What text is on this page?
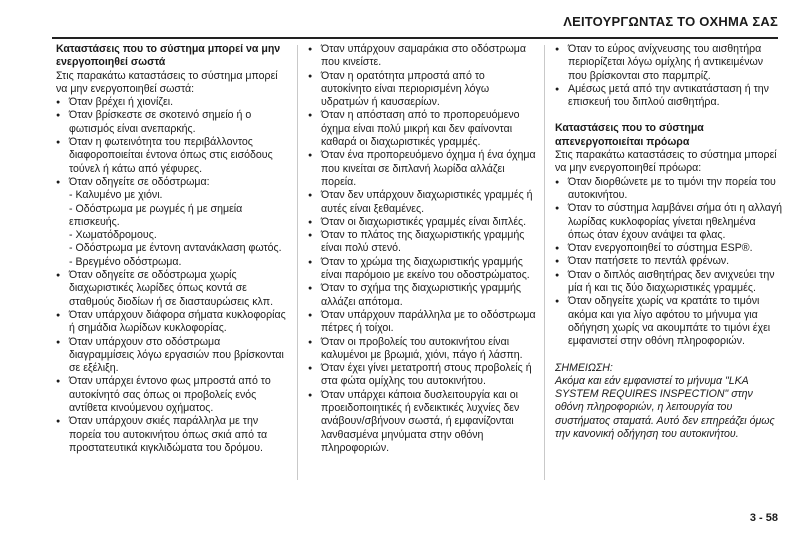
ΛΕΙΤΟΥΡΓΩΝΤΑΣ ΤΟ ΟΧΗΜΑ ΣΑΣ

Καταστάσεις που το σύστημα μπορεί να μην ενεργοποιηθεί σωστά

Στις παρακάτω καταστάσεις το σύστημα μπορεί να μην ενεργοποιηθεί σωστά:

● Όταν βρέχει ή χιονίζει.
● Όταν βρίσκεστε σε σκοτεινό σημείο ή ο φωτισμός είναι ανεπαρκής.
● Όταν η φωτεινότητα του περιβάλλοντος διαφοροποιείται έντονα όπως στις εισόδους τούνελ ή κάτω από γέφυρες.
● Όταν οδηγείτε σε οδόστρωμα:
- Καλυμένο με χιόνι.
- Οδόστρωμα με ρωγμές ή με σημεία επισκευής.
- Χωματόδρομους.
- Οδόστρωμα με έντονη αντανάκλαση φωτός.
- Βρεγμένο οδόστρωμα.
● Όταν οδηγείτε σε οδόστρωμα χωρίς διαχωριστικές λωρίδες όπως κοντά σε σταθμούς διοδίων ή σε διασταυρώσεις κλπ.
● Όταν υπάρχουν διάφορα σήματα κυκλοφορίας ή σημάδια λωρίδων κυκλοφορίας.
● Όταν υπάρχουν στο οδόστρωμα διαγραμμίσεις λόγω εργασιών που βρίσκονται σε εξέλιξη.
● Όταν υπάρχει έντονο φως μπροστά από το αυτοκίνητό σας όπως οι προβολείς ενός αντίθετα κινούμενου οχήματος.
● Όταν υπάρχουν σκιές παράλληλα με την πορεία του αυτοκινήτου όπως σκιά από τα προστατευτικά κιγκλιδώματα του δρόμου.
● Όταν υπάρχουν σαμαράκια στο οδόστρωμα που κινείστε.
● Όταν η ορατότητα μπροστά από το αυτοκίνητο είναι περιορισμένη λόγω υδρατμών ή καυσαερίων.
● Όταν η απόσταση από το προπορευόμενο όχημα είναι πολύ μικρή και δεν φαίνονται καθαρά οι διαχωριστικές γραμμές.
● Όταν ένα προπορευόμενο όχημα ή ένα όχημα που κινείται σε διπλανή λωρίδα αλλάζει πορεία.
● Όταν δεν υπάρχουν διαχωριστικές γραμμές ή αυτές είναι ξεθαμένες.
● Όταν οι διαχωριστικές γραμμές είναι διπλές.
● Όταν το πλάτος της διαχωριστικής γραμμής είναι πολύ στενό.
● Όταν το χρώμα της διαχωριστικής γραμμής είναι παρόμοιο με εκείνο του οδοστρώματος.
● Όταν το σχήμα της διαχωριστικής γραμμής αλλάζει απότομα.
● Όταν υπάρχουν παράλληλα με το οδόστρωμα πέτρες ή τοίχοι.
● Όταν οι προβολείς του αυτοκινήτου είναι καλυμένοι με βρωμιά, χιόνι, πάγο ή λάσπη.
● Όταν έχει γίνει μετατροπή στους προβολείς ή στα φώτα ομίχλης του αυτοκινήτου.
● Όταν υπάρχει κάποια δυσλειτουργία και οι προειδοποιητικές ή ενδεικτικές λυχνίες δεν ανάβουν/σβήνουν σωστά, ή εμφανίζονται λανθασμένα μηνύματα στην οθόνη πληροφοριών.
● Όταν το εύρος ανίχνευσης του αισθητήρα περιορίζεται λόγω ομίχλης ή αντικειμένων που βρίσκονται στο παρμπρίζ.
● Αμέσως μετά από την αντικατάσταση ή την επισκευή του διπλού αισθητήρα.

Καταστάσεις που το σύστημα απενεργοποιείται πρόωρα

Στις παρακάτω καταστάσεις το σύστημα μπορεί να μην ενεργοποιηθεί πρόωρα:

● Όταν διορθώνετε με το τιμόνι την πορεία του αυτοκινήτου.
● Όταν το σύστημα λαμβάνει σήμα ότι η αλλαγή λωρίδας κυκλοφορίας γίνεται ηθελημένα όπως όταν έχουν ανάψει τα φλας.
● Όταν ενεργοποιηθεί το σύστημα ESP®.
● Όταν πατήσετε το πεντάλ φρένων.
● Όταν ο διπλός αισθητήρας δεν ανιχνεύει την μία ή και τις δύο διαχωριστικές γραμμές.
● Όταν οδηγείτε χωρίς να κρατάτε το τιμόνι ακόμα και για λίγο αφότου το μήνυμα για οδήγηση χωρίς να ακουμπάτε το τιμόνι έχει εμφανιστεί στην οθόνη πληροφοριών.

ΣΗΜΕΙΩΣΗ:

Ακόμα και εάν εμφανιστεί το μήνυμα "LKA SYSTEM REQUIRES INSPECTION" στην οθόνη πληροφοριών, η λειτουργία του συστήματος σταματά. Αυτό δεν επηρεάζει όμως την κανονική οδήγηση του αυτοκινήτου.

3 - 58
